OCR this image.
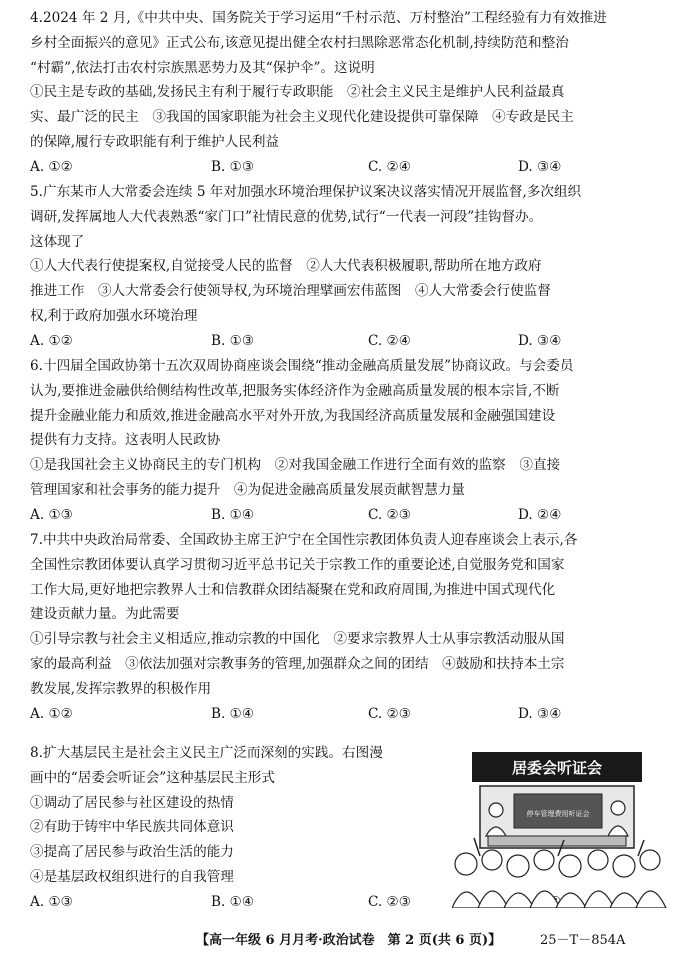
4.2024 年 2 月,《中共中央、国务院关于学习运用“千村示范、万村整治”工程经验有力有效推进
乡村全面振兴的意见》正式公布,该意见提出健全农村扫黑除恶常态化机制,持续防范和整治
“村霸”,依法打击农村宗族黑恶势力及其“保护伞”。这说明
①民主是专政的基础,发扬民主有利于履行专政职能　②社会主义民主是维护人民利益最真
实、最广泛的民主　③我国的国家职能为社会主义现代化建设提供可靠保障　④专政是民主
的保障,履行专政职能有利于维护人民利益
A. ①②	B. ①③	C. ②④	D. ③④
5.广东某市人大常委会连续 5 年对加强水环境治理保护议案决议落实情况开展监督,多次组织
调研,发挥属地人大代表熟悉“家门口”社情民意的优势,试行“一代表一河段”挂钩督办。
这体现了
①人大代表行使提案权,自觉接受人民的监督　②人大代表积极履职,帮助所在地方政府
推进工作　③人大常委会行使领导权,为环境治理擘画宏伟蓝图　④人大常委会行使监督
权,利于政府加强水环境治理
A. ①②	B. ①③	C. ②④	D. ③④
6.十四届全国政协第十五次双周协商座谈会围绕“推动金融高质量发展”协商议政。与会委员
认为,要推进金融供给侧结构性改革,把服务实体经济作为金融高质量发展的根本宗旨,不断
提升金融业能力和质效,推进金融高水平对外开放,为我国经济高质量发展和金融强国建设
提供有力支持。这表明人民政协
①是我国社会主义协商民主的专门机构　②对我国金融工作进行全面有效的监察　③直接
管理国家和社会事务的能力提升　④为促进金融高质量发展贡献智慧力量
A. ①③	B. ①④	C. ②③	D. ②④
7.中共中央政治局常委、全国政协主席王沪宁在全国性宗教团体负责人迎春座谈会上表示,各
全国性宗教团体要认真学习贯彻习近平总书记关于宗教工作的重要论述,自觉服务党和国家
工作大局,更好地把宗教界人士和信教群众团结凝聚在党和政府周围,为推进中国式现代化
建设贡献力量。为此需要
①引导宗教与社会主义相适应,推动宗教的中国化　②要求宗教界人士从事宗教活动服从国
家的最高利益　③依法加强对宗教事务的管理,加强群众之间的团结　④鼓励和扶持本土宗
教发展,发挥宗教界的积极作用
A. ①②	B. ①④	C. ②③	D. ③④
8.扩大基层民主是社会主义民主广泛而深刻的实践。右图漫
画中的“居委会听证会”这种基层民主形式
①调动了居民参与社区建设的热情
②有助于铸牢中华民族共同体意识
③提高了居民参与政治生活的能力
④是基层政权组织进行的自我管理
A. ①③	B. ①④	C. ②③
居委会听证会
停车管理费用听证会
【高一年级 6 月月考·政治试卷　第 2 页(共 6 页)】	25－T－854A
